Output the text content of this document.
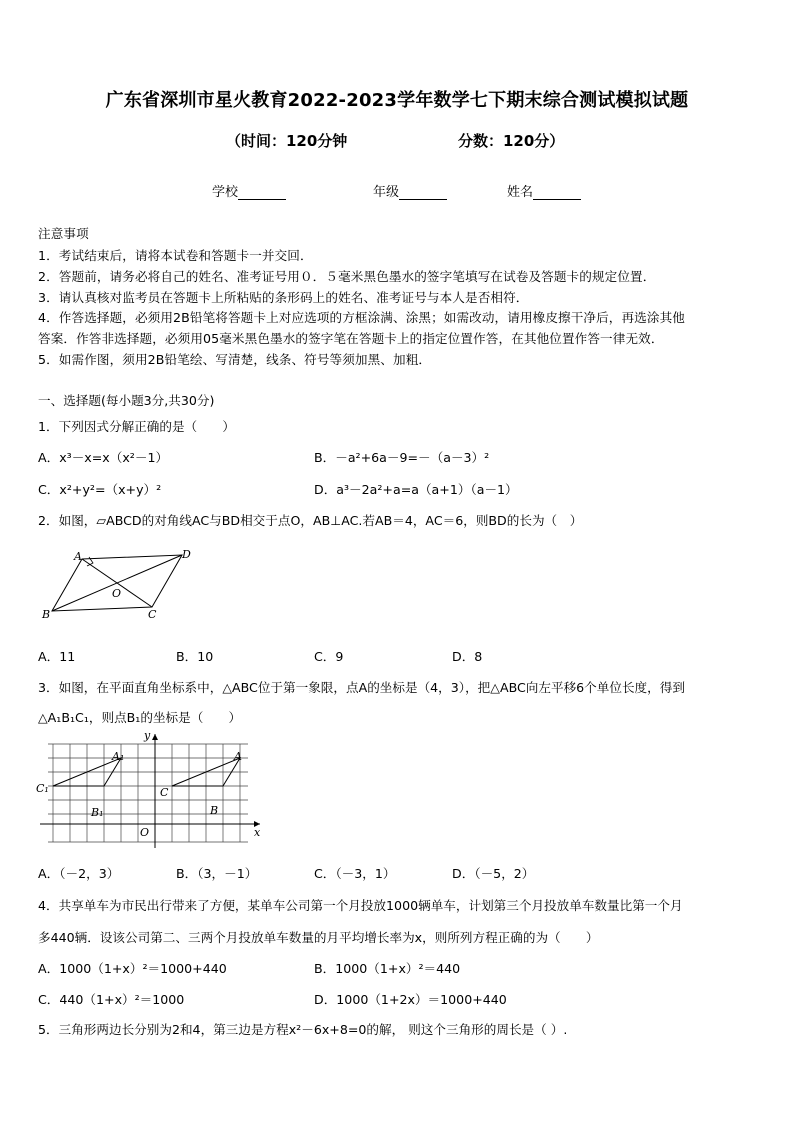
广东省深圳市星火教育2022-2023学年数学七下期末综合测试模拟试题
（时间：120分钟	分数：120分）
学校	年级	姓名
注意事项
1．考试结束后，请将本试卷和答题卡一并交回．
2．答题前，请务必将自己的姓名、准考证号用０．５毫米黑色墨水的签字笔填写在试卷及答题卡的规定位置．
3．请认真核对监考员在答题卡上所粘贴的条形码上的姓名、准考证号与本人是否相符．
4．作答选择题，必须用2B铅笔将答题卡上对应选项的方框涂满、涂黑；如需改动，请用橡皮擦干净后，再选涂其他
答案．作答非选择题，必须用05毫米黑色墨水的签字笔在答题卡上的指定位置作答，在其他位置作答一律无效．
5．如需作图，须用2B铅笔绘、写清楚，线条、符号等须加黑、加粗．
一、选择题(每小题3分,共30分)
1．下列因式分解正确的是（　　）
A．x³－x=x（x²－1）	B．－a²+6a－9=－（a－3）²
C．x²+y²=（x+y）²	D．a³－2a²+a=a（a+1）（a－1）
2．如图，▱ABCD的对角线AC与BD相交于点O，AB⊥AC.若AB＝4，AC＝6，则BD的长为（　）
A	D
B	C
O
A．11	B．10	C．9	D．8
3．如图，在平面直角坐标系中，△ABC位于第一象限，点A的坐标是（4，3），把△ABC向左平移6个单位长度，得到
△A₁B₁C₁，则点B₁的坐标是（　　）
y
x
O
A
B
C
A₁
B₁
C₁
A．（－2，3）	B．（3，－1）	C．（－3，1）	D．（－5，2）
4．共享单车为市民出行带来了方便，某单车公司第一个月投放1000辆单车，计划第三个月投放单车数量比第一个月
多440辆．设该公司第二、三两个月投放单车数量的月平均增长率为x，则所列方程正确的为（　　）
A．1000（1+x）²＝1000+440	B．1000（1+x）²＝440
C．440（1+x）²＝1000	D．1000（1+2x）＝1000+440
5．三角形两边长分别为2和4，第三边是方程x²－6x+8=0的解， 则这个三角形的周长是（ ）.
